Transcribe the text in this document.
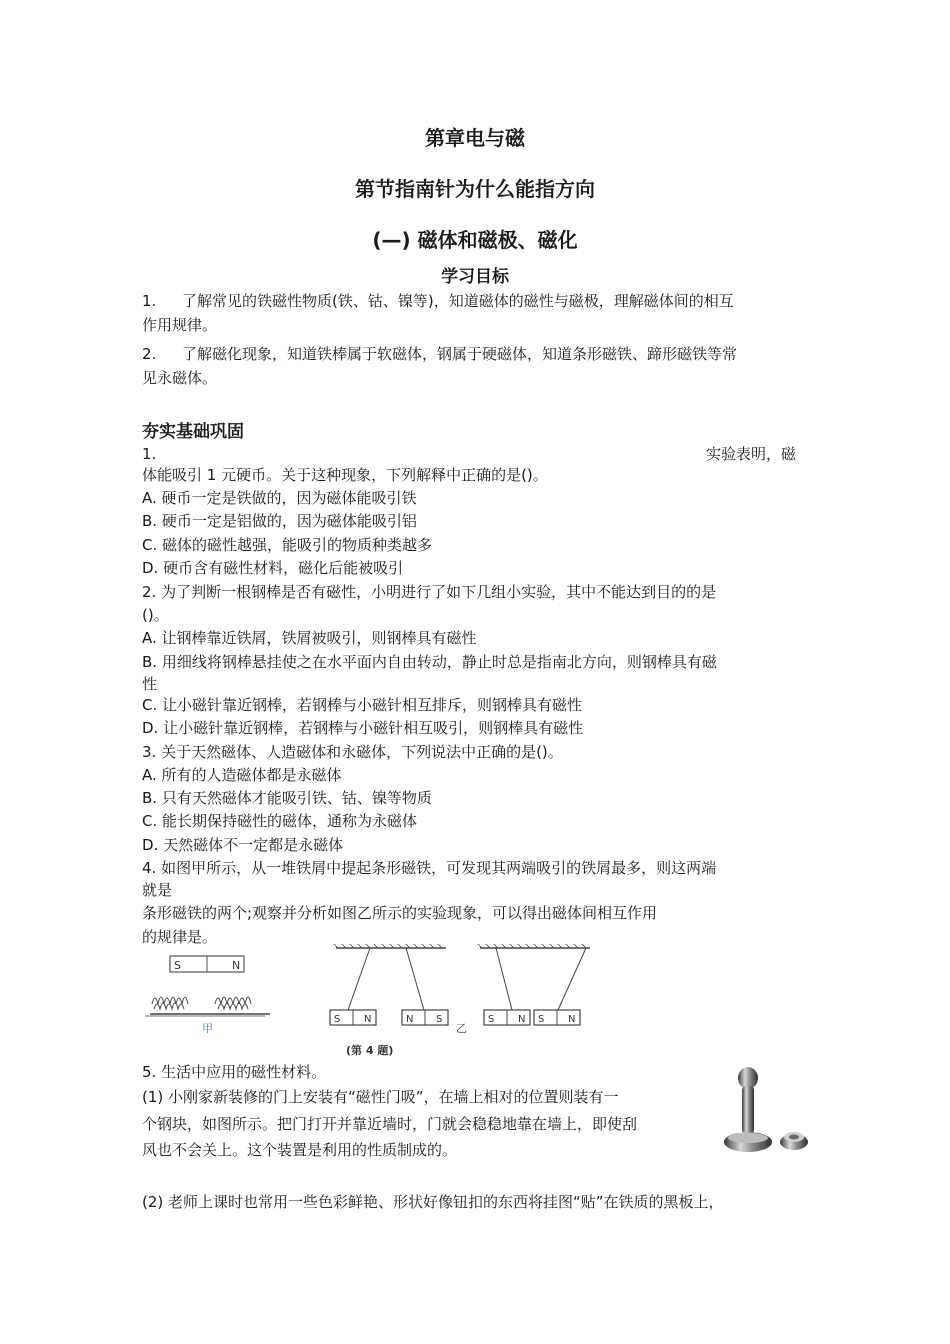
第章电与磁
第节指南针为什么能指方向
(—) 磁体和磁极、磁化
学习目标
1. 了解常见的铁磁性物质(铁、钴、镍等)，知道磁体的磁性与磁极，理解磁体间的相互
作用规律。
2. 了解磁化现象，知道铁棒属于软磁体，钢属于硬磁体，知道条形磁铁、蹄形磁铁等常
见永磁体。
夯实基础巩固
1.	实验表明，磁
体能吸引 1 元硬币。关于这种现象，下列解释中正确的是()。
A. 硬币一定是铁做的，因为磁体能吸引铁
B. 硬币一定是铝做的，因为磁体能吸引铝
C. 磁体的磁性越强，能吸引的物质种类越多
D. 硬币含有磁性材料，磁化后能被吸引
2. 为了判断一根钢棒是否有磁性，小明进行了如下几组小实验，其中不能达到目的的是
()。
A. 让钢棒靠近铁屑，铁屑被吸引，则钢棒具有磁性
B. 用细线将钢棒悬挂使之在水平面内自由转动，静止时总是指南北方向，则钢棒具有磁
性
C. 让小磁针靠近钢棒，若钢棒与小磁针相互排斥，则钢棒具有磁性
D. 让小磁针靠近钢棒，若钢棒与小磁针相互吸引，则钢棒具有磁性
3. 关于天然磁体、人造磁体和永磁体，下列说法中正确的是()。
A. 所有的人造磁体都是永磁体
B. 只有天然磁体才能吸引铁、钴、镍等物质
C. 能长期保持磁性的磁体，通称为永磁体
D. 天然磁体不一定都是永磁体
4. 如图甲所示，从一堆铁屑中提起条形磁铁，可发现其两端吸引的铁屑最多，则这两端
就是
条形磁铁的两个;观察并分析如图乙所示的实验现象，可以得出磁体间相互作用
的规律是。
S	N
甲
S N	N S
乙
S N S N
(第 4 题)
5. 生活中应用的磁性材料。
(1) 小刚家新装修的门上安装有“磁性门吸”，在墙上相对的位置则装有一
个钢块，如图所示。把门打开并靠近墙时，门就会稳稳地靠在墙上，即使刮
风也不会关上。这个装置是利用的性质制成的。
(2) 老师上课时也常用一些色彩鲜艳、形状好像钮扣的东西将挂图“贴”在铁质的黑板上，
